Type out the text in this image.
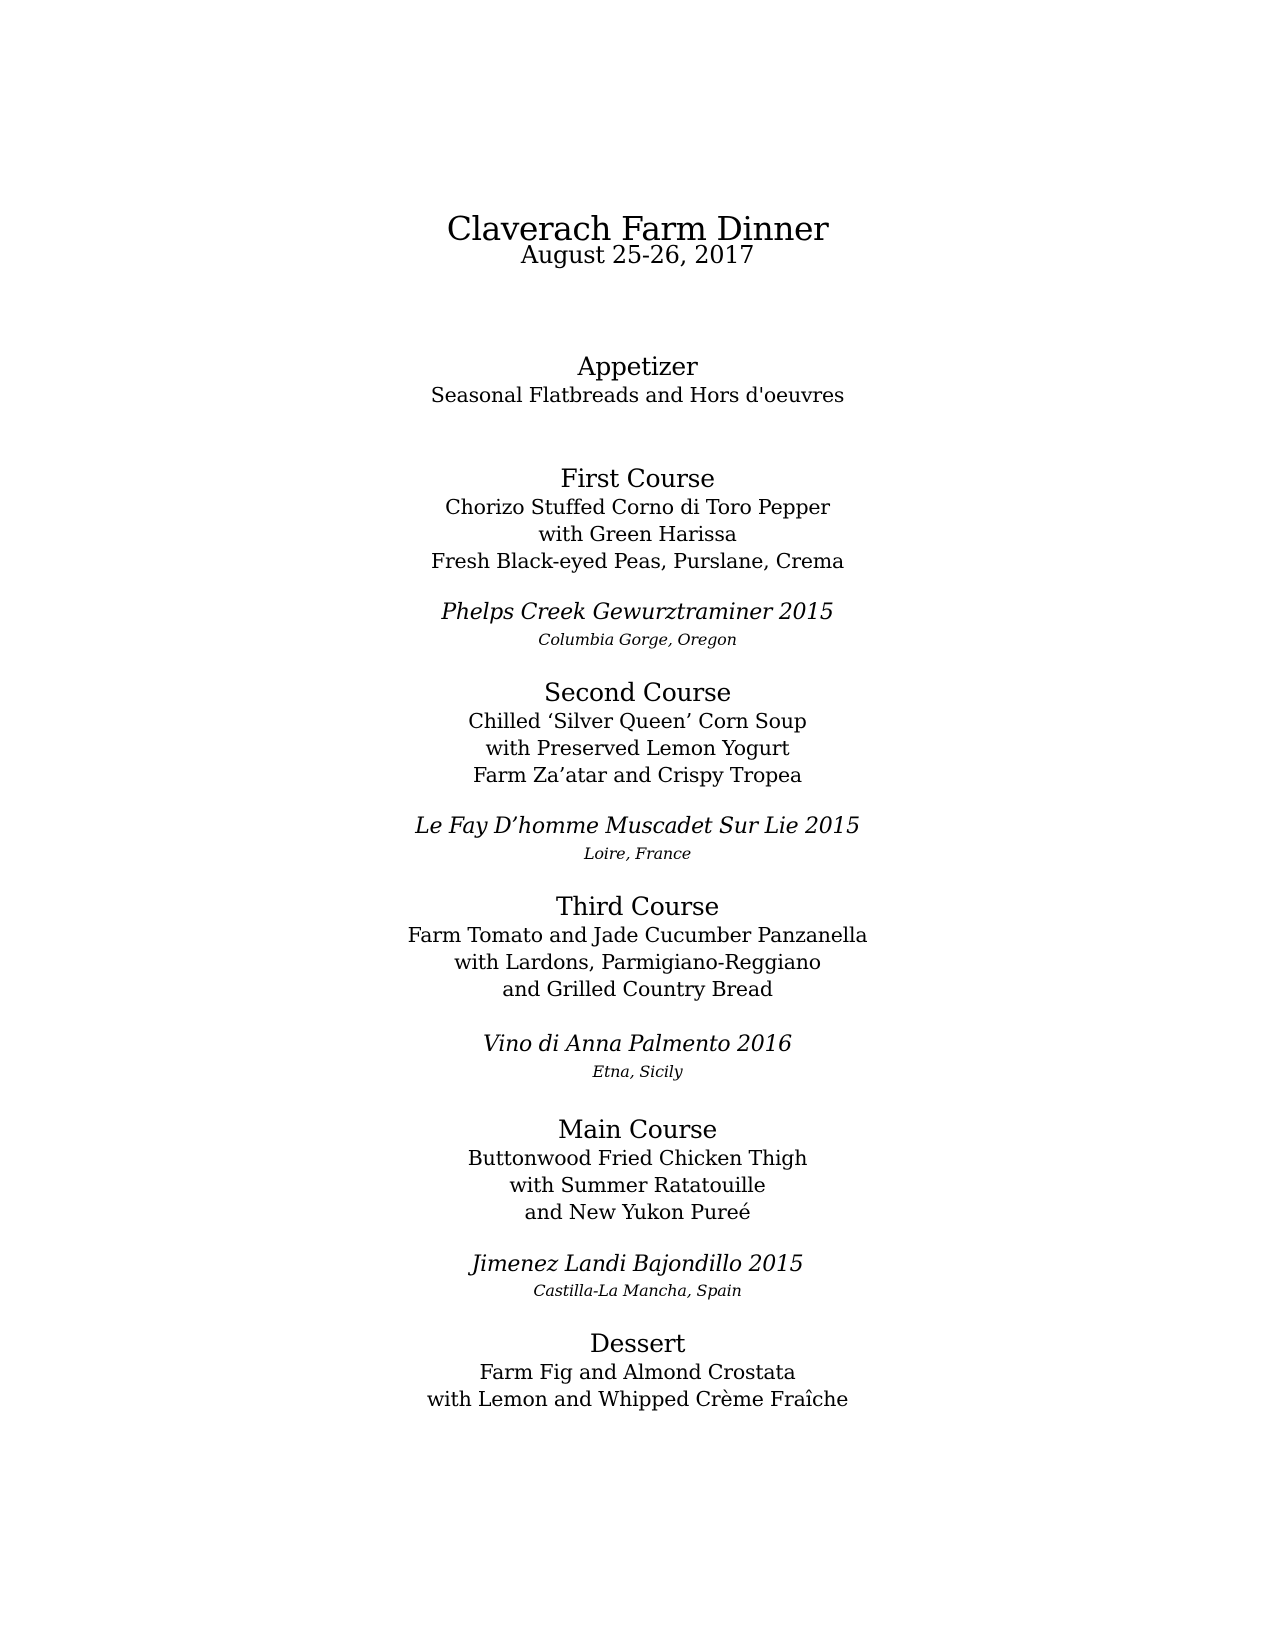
Claverach Farm Dinner
August 25-26, 2017
Appetizer
Seasonal Flatbreads and Hors d'oeuvres
First Course
Chorizo Stuffed Corno di Toro Pepper
with Green Harissa
Fresh Black-eyed Peas, Purslane, Crema
Phelps Creek Gewurztraminer 2015
Columbia Gorge, Oregon
Second Course
Chilled ‘Silver Queen’ Corn Soup
with Preserved Lemon Yogurt
Farm Za’atar and Crispy Tropea
Le Fay D’homme Muscadet Sur Lie 2015
Loire, France
Third Course
Farm Tomato and Jade Cucumber Panzanella
with Lardons, Parmigiano-Reggiano
and Grilled Country Bread
Vino di Anna Palmento 2016
Etna, Sicily
Main Course
Buttonwood Fried Chicken Thigh
with Summer Ratatouille
and New Yukon Pureé
Jimenez Landi Bajondillo 2015
Castilla-La Mancha, Spain
Dessert
Farm Fig and Almond Crostata
with Lemon and Whipped Crème Fraîche
